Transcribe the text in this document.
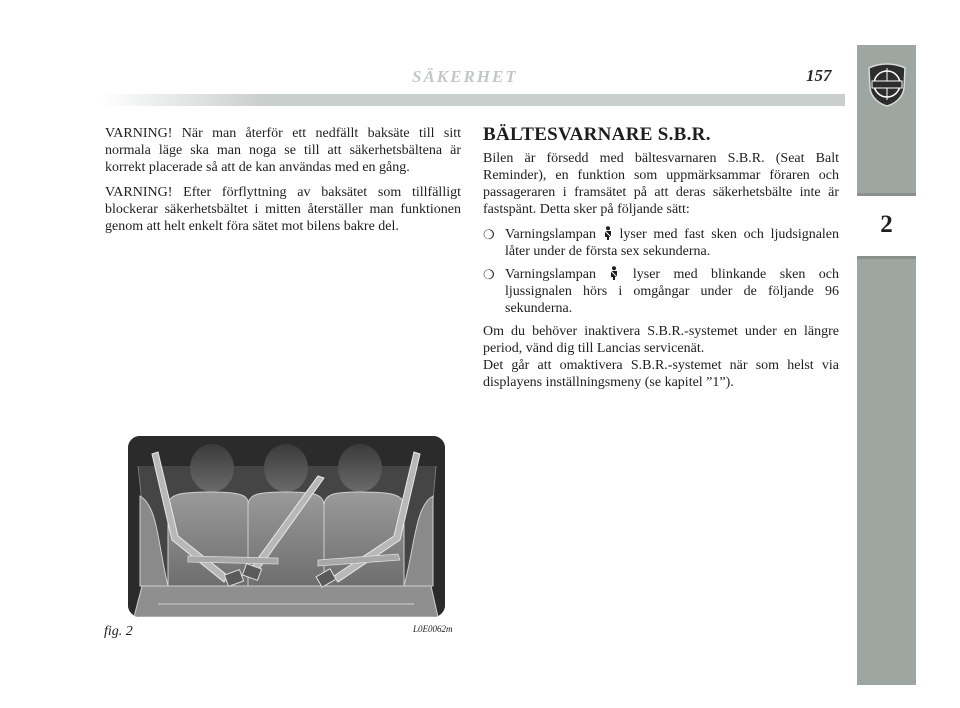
SÄKERHET	157
2

VARNING! När man återför ett nedfällt baksäte till sitt normala läge ska man noga se till att säkerhetsbältena är korrekt placerade så att de kan användas med en gång.

VARNING! Efter förflyttning av baksätet som tillfälligt blockerar säkerhetsbältet i mitten återställer man funktionen genom att helt enkelt föra sätet mot bilens bakre del.

BÄLTESVARNARE S.B.R.

Bilen är försedd med bältesvarnaren S.B.R. (Seat Balt Reminder), en funktion som uppmärksammar föraren och passageraren i framsätet på att deras säkerhetsbälte inte är fastspänt. Detta sker på följande sätt:

❍ Varningslampan lyser med fast sken och ljudsignalen låter under de första sex sekunderna.
❍ Varningslampan	lyser med blinkande sken och ljussignalen hörs i omgångar under de följande 96 sekunderna.

Om du behöver inaktivera S.B.R.-systemet under en längre period, vänd dig till Lancias servicenät.

Det går att omaktivera S.B.R.-systemet när som helst via displayens inställningsmeny (se kapitel ”1”).

fig. 2	L0E0062m
